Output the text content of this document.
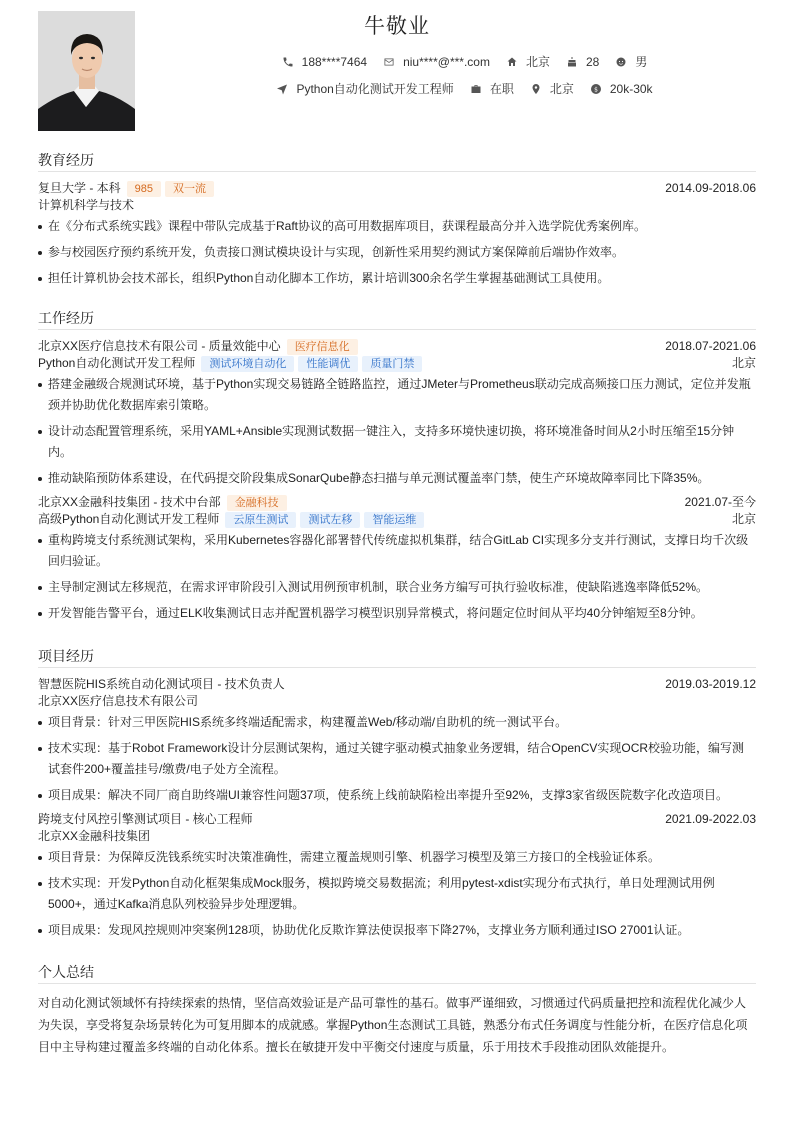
牛敬业
188****7464	niu****@***.com	北京	28	男
Python自动化测试开发工程师	在职	北京 $ 20k-30k
教育经历
复旦大学 - 本科	985	双一流	2014.09-2018.06
计算机科学与技术
在《分布式系统实践》课程中带队完成基于Raft协议的高可用数据库项目，获课程最高分并入选学院优秀案例库。
参与校园医疗预约系统开发，负责接口测试模块设计与实现，创新性采用契约测试方案保障前后端协作效率。
担任计算机协会技术部长，组织Python自动化脚本工作坊，累计培训300余名学生掌握基础测试工具使用。
工作经历
北京XX医疗信息技术有限公司 - 质量效能中心	医疗信息化	2018.07-2021.06
Python自动化测试开发工程师	测试环境自动化	性能调优	质量门禁	北京
搭建金融级合规测试环境，基于Python实现交易链路全链路监控，通过JMeter与Prometheus联动完成高频接口压力测试，定位并发瓶颈并协助优化数据库索引策略。
设计动态配置管理系统，采用YAML+Ansible实现测试数据一键注入，支持多环境快速切换，将环境准备时间从2小时压缩至15分钟内。
推动缺陷预防体系建设，在代码提交阶段集成SonarQube静态扫描与单元测试覆盖率门禁，使生产环境故障率同比下降35%。
北京XX金融科技集团 - 技术中台部	金融科技	2021.07-至今
高级Python自动化测试开发工程师	云原生测试	测试左移	智能运维	北京
重构跨境支付系统测试架构，采用Kubernetes容器化部署替代传统虚拟机集群，结合GitLab CI实现多分支并行测试，支撑日均千次级回归验证。
主导制定测试左移规范，在需求评审阶段引入测试用例预审机制，联合业务方编写可执行验收标准，使缺陷逃逸率降低52%。
开发智能告警平台，通过ELK收集测试日志并配置机器学习模型识别异常模式，将问题定位时间从平均40分钟缩短至8分钟。
项目经历
智慧医院HIS系统自动化测试项目 - 技术负责人	2019.03-2019.12
北京XX医疗信息技术有限公司
项目背景：针对三甲医院HIS系统多终端适配需求，构建覆盖Web/移动端/自助机的统一测试平台。
技术实现：基于Robot Framework设计分层测试架构，通过关键字驱动模式抽象业务逻辑，结合OpenCV实现OCR校验功能，编写测试套件200+覆盖挂号/缴费/电子处方全流程。
项目成果：解决不同厂商自助终端UI兼容性问题37项，使系统上线前缺陷检出率提升至92%，支撑3家省级医院数字化改造项目。
跨境支付风控引擎测试项目 - 核心工程师	2021.09-2022.03
北京XX金融科技集团
项目背景：为保障反洗钱系统实时决策准确性，需建立覆盖规则引擎、机器学习模型及第三方接口的全栈验证体系。
技术实现：开发Python自动化框架集成Mock服务，模拟跨境交易数据流；利用pytest-xdist实现分布式执行，单日处理测试用例5000+，通过Kafka消息队列校验异步处理逻辑。
项目成果：发现风控规则冲突案例128项，协助优化反欺诈算法使误报率下降27%，支撑业务方顺利通过ISO 27001认证。
个人总结

对自动化测试领域怀有持续探索的热情，坚信高效验证是产品可靠性的基石。做事严谨细致，习惯通过代码质量把控和流程优化减少人为失误，享受将复杂场景转化为可复用脚本的成就感。掌握Python生态测试工具链，熟悉分布式任务调度与性能分析，在医疗信息化项目中主导构建过覆盖多终端的自动化体系。擅长在敏捷开发中平衡交付速度与质量，乐于用技术手段推动团队效能提升。
